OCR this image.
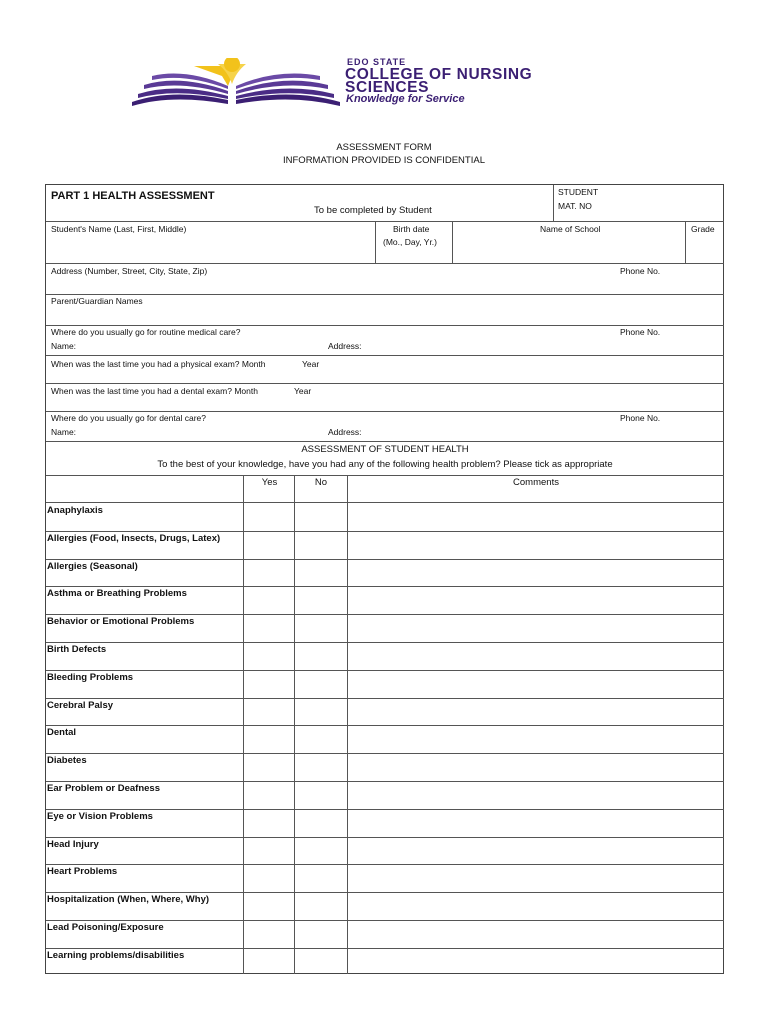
EDO STATE
COLLEGE OF NURSING
SCIENCES
Knowledge for Service
ASSESSMENT FORM
INFORMATION PROVIDED IS CONFIDENTIAL
PART 1 HEALTH ASSESSMENT
To be completed by Student
STUDENT
MAT. NO
Student's Name (Last, First, Middle)	Birth date
(Mo., Day, Yr.)
Name of School	Grade
Address (Number, Street, City, State, Zip)	Phone No.
Parent/Guardian Names
Where do you usually go for routine medical care?	Phone No.
Name:	Address:
When was the last time you had a physical exam? Month	Year
When was the last time you had a dental exam? Month	Year
Where do you usually go for dental care?	Phone No.
Name:	Address:
ASSESSMENT OF STUDENT HEALTH
To the best of your knowledge, have you had any of the following health problem? Please tick as appropriate
Yes	No	Comments
Anaphylaxis
Allergies (Food, Insects, Drugs, Latex)
Allergies (Seasonal)
Asthma or Breathing Problems
Behavior or Emotional Problems
Birth Defects
Bleeding Problems
Cerebral Palsy
Dental
Diabetes
Ear Problem or Deafness
Eye or Vision Problems
Head Injury
Heart Problems
Hospitalization (When, Where, Why)
Lead Poisoning/Exposure
Learning problems/disabilities
